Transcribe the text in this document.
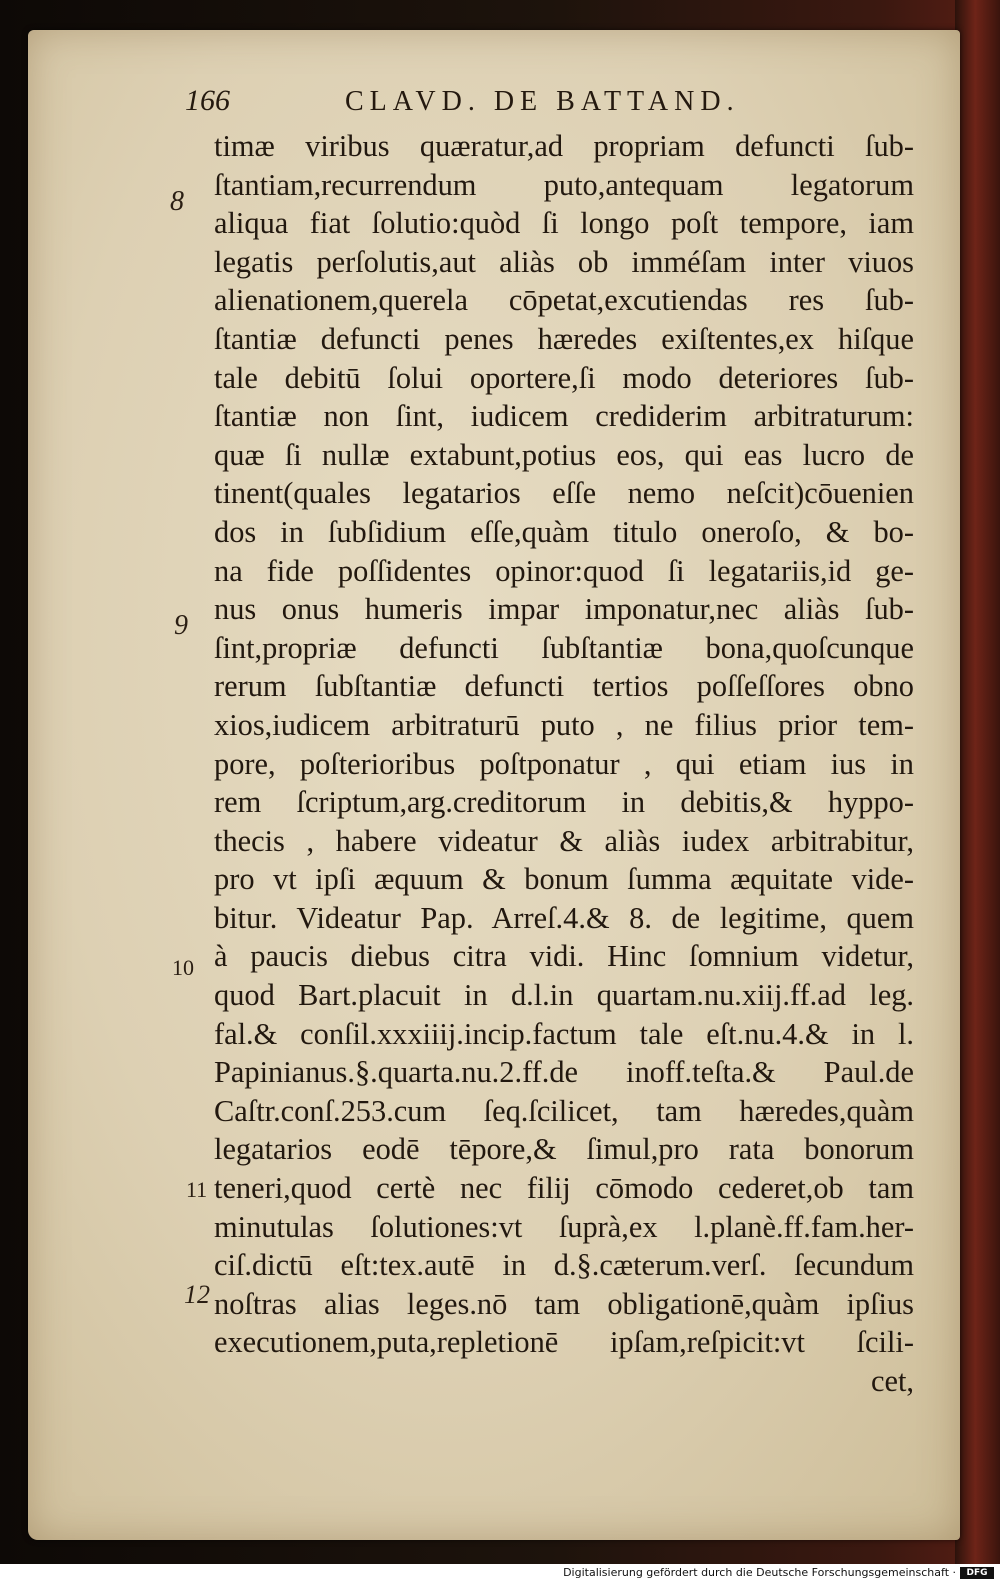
166	CLAVD. DE BATTAND.
timæ viribus quæratur,ad propriam defuncti ſub-
ſtantiam,recurrendum puto,antequam legatorum
aliqua fiat ſolutio:quòd ſi longo poſt tempore, iam
legatis perſolutis,aut aliàs ob imméſam inter viuos
alienationem,querela cōpetat,excutiendas res ſub-
ſtantiæ defuncti penes hæredes exiſtentes,ex hiſque
tale debitū ſolui oportere,ſi modo deteriores ſub-
ſtantiæ non ſint, iudicem crediderim arbitraturum:
quæ ſi nullæ extabunt,potius eos, qui eas lucro de
tinent(quales legatarios eſſe nemo neſcit)cōuenien
dos in ſubſidium eſſe,quàm titulo oneroſo, & bo-
na fide poſſidentes opinor:quod ſi legatariis,id ge-
nus onus humeris impar imponatur,nec aliàs ſub-
ſint,propriæ defuncti ſubſtantiæ bona,quoſcunque
rerum ſubſtantiæ defuncti tertios poſſeſſores obno
xios,iudicem arbitraturū puto , ne filius prior tem-
pore, poſterioribus poſtponatur , qui etiam ius in
rem ſcriptum,arg.creditorum in debitis,& hyppo-
thecis , habere videatur & aliàs iudex arbitrabitur,
pro vt ipſi æquum & bonum ſumma æquitate vide-
bitur. Videatur Pap. Arreſ.4.& 8. de legitime, quem
à paucis diebus citra vidi. Hinc ſomnium videtur,
quod Bart.placuit in d.l.in quartam.nu.xiij.ff.ad leg.
fal.& conſil.xxxiiij.incip.factum tale eſt.nu.4.& in l.
Papinianus.§.quarta.nu.2.ff.de inoff.teſta.& Paul.de
Caſtr.conſ.253.cum ſeq.ſcilicet, tam hæredes,quàm
legatarios eodē tēpore,& ſimul,pro rata bonorum
teneri,quod certè nec filij cōmodo cederet,ob tam
minutulas ſolutiones:vt ſuprà,ex l.planè.ff.fam.her-
ciſ.dictū eſt:tex.autē in d.§.cæterum.verſ. ſecundum
noſtras alias leges.nō tam obligationē,quàm ipſius
executionem,puta,repletionē ipſam,reſpicit:vt ſcili-
cet,
8
9
10
11
12
Digitalisierung gefördert durch die Deutsche Forschungsgemeinschaft ·	DFG
